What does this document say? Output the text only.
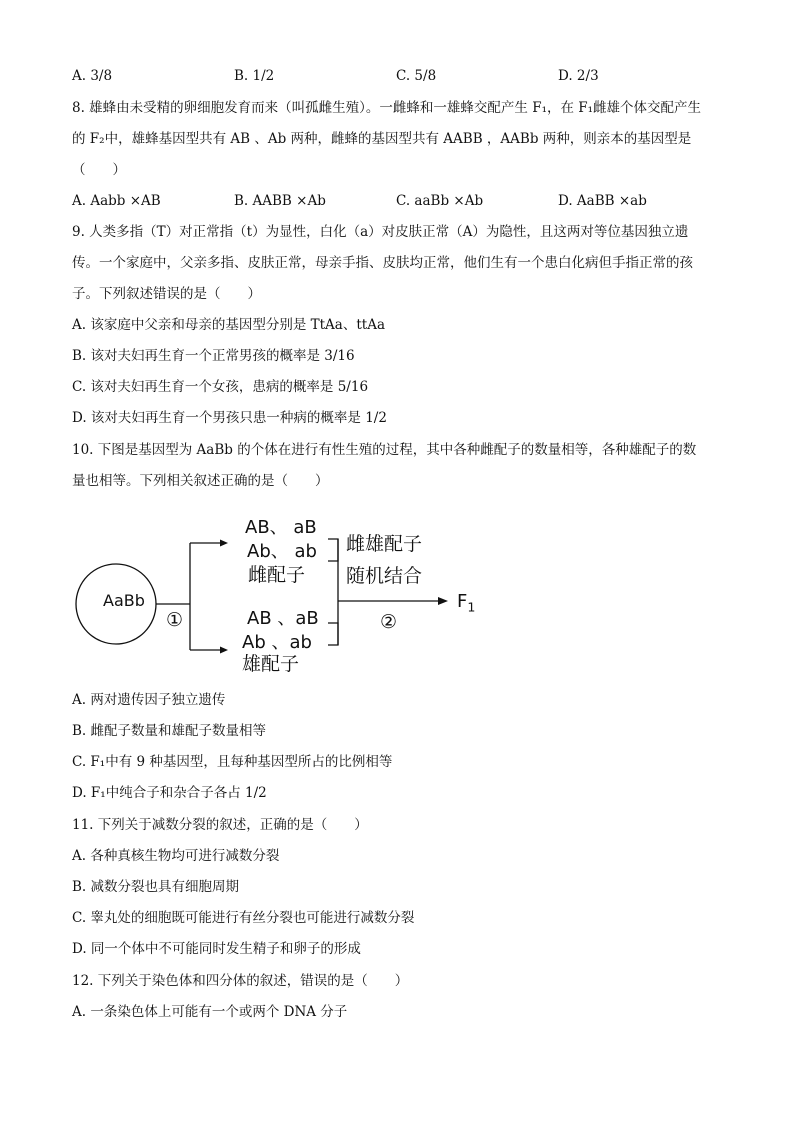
A. 3/8	B. 1/2	C. 5/8	D. 2/3
8. 雄蜂由未受精的卵细胞发育而来（叫孤雌生殖）。一雌蜂和一雄蜂交配产生 F₁，在 F₁雌雄个体交配产生
的 F₂中，雄蜂基因型共有 AB 、Ab 两种，雌蜂的基因型共有 AABB ，AABb 两种，则亲本的基因型是
（　　）
A. Aabb ×AB	B. AABB ×Ab	C. aaBb ×Ab	D. AaBB ×ab
9. 人类多指（T）对正常指（t）为显性，白化（a）对皮肤正常（A）为隐性，且这两对等位基因独立遗
传。一个家庭中，父亲多指、皮肤正常，母亲手指、皮肤均正常，他们生有一个患白化病但手指正常的孩
子。下列叙述错误的是（　　）
A. 该家庭中父亲和母亲的基因型分别是 TtAa、ttAa
B. 该对夫妇再生育一个正常男孩的概率是 3/16
C. 该对夫妇再生育一个女孩，患病的概率是 5/16
D. 该对夫妇再生育一个男孩只患一种病的概率是 1/2
10. 下图是基因型为 AaBb 的个体在进行有性生殖的过程，其中各种雌配子的数量相等，各种雄配子的数
量也相等。下列相关叙述正确的是（　　）
AaBb
①
AB、 aB
Ab、 ab
雌配子
AB 、aB
Ab 、ab
雄配子
雌雄配子
随机结合
②
$F_1$
A. 两对遗传因子独立遗传
B. 雌配子数量和雄配子数量相等
C. F₁中有 9 种基因型，且每种基因型所占的比例相等
D. F₁中纯合子和杂合子各占 1/2
11. 下列关于减数分裂的叙述，正确的是（　　）
A. 各种真核生物均可进行减数分裂
B. 减数分裂也具有细胞周期
C. 睾丸处的细胞既可能进行有丝分裂也可能进行减数分裂
D. 同一个体中不可能同时发生精子和卵子的形成
12. 下列关于染色体和四分体的叙述，错误的是（　　）
A. 一条染色体上可能有一个或两个 DNA 分子
